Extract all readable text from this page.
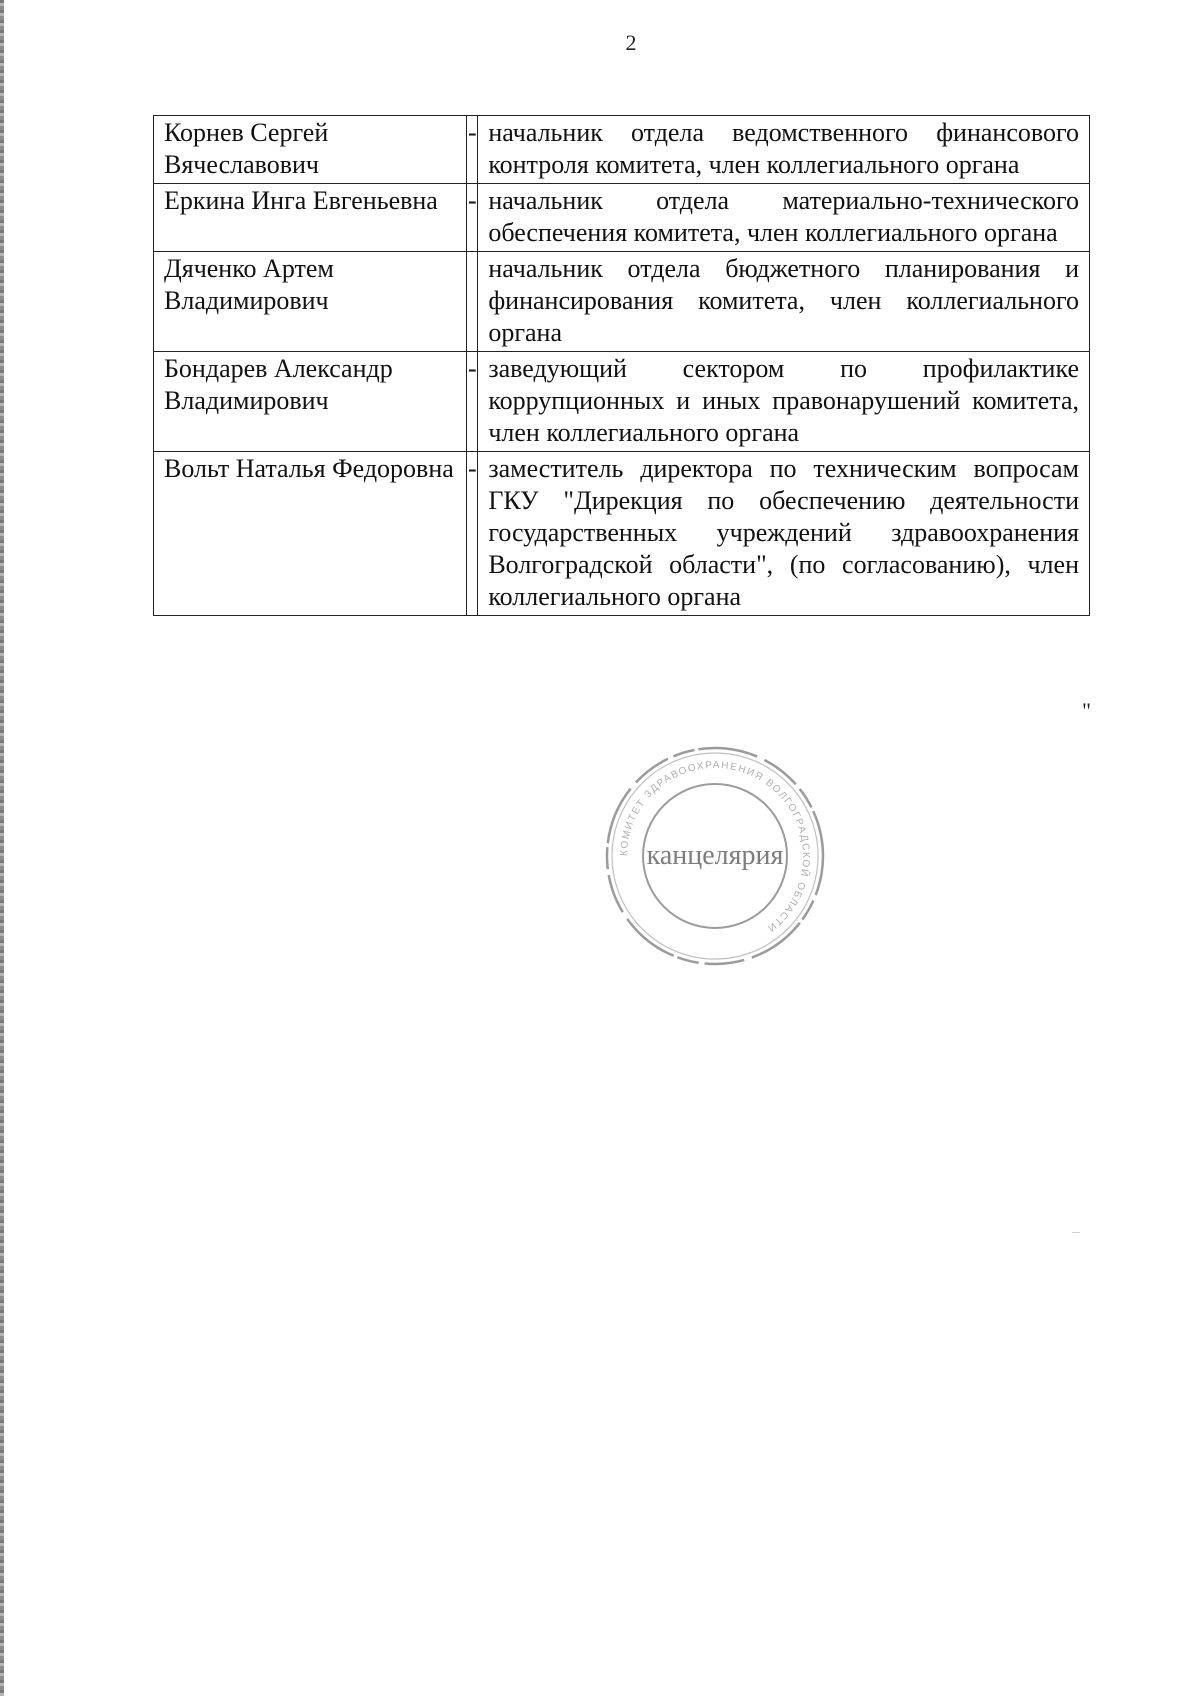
2
Корнев Сергей Вячеславович	-	начальник отдела ведомственного финансового контроля комитета, член коллегиального органа
Еркина Инга Евгеньевна	-	начальник отдела материально-технического обеспечения комитета, член коллегиального органа
Дяченко Артем Владимирович		начальник отдела бюджетного планирования и финансирования комитета, член коллегиального органа
Бондарев Александр Владимирович	-	заведующий сектором по профилактике коррупционных и иных правонарушений комитета, член коллегиального органа
Вольт Наталья Федоровна	-	заместитель директора по техническим вопросам ГКУ "Дирекция по обеспечению деятельности государственных учреждений здравоохранения Волгоградской области", (по согласованию), член коллегиального органа
"
КОМИТЕТ ЗДРАВООХРАНЕНИЯ ВОЛГОГРАДСКОЙ ОБЛАСТИ
канцелярия
